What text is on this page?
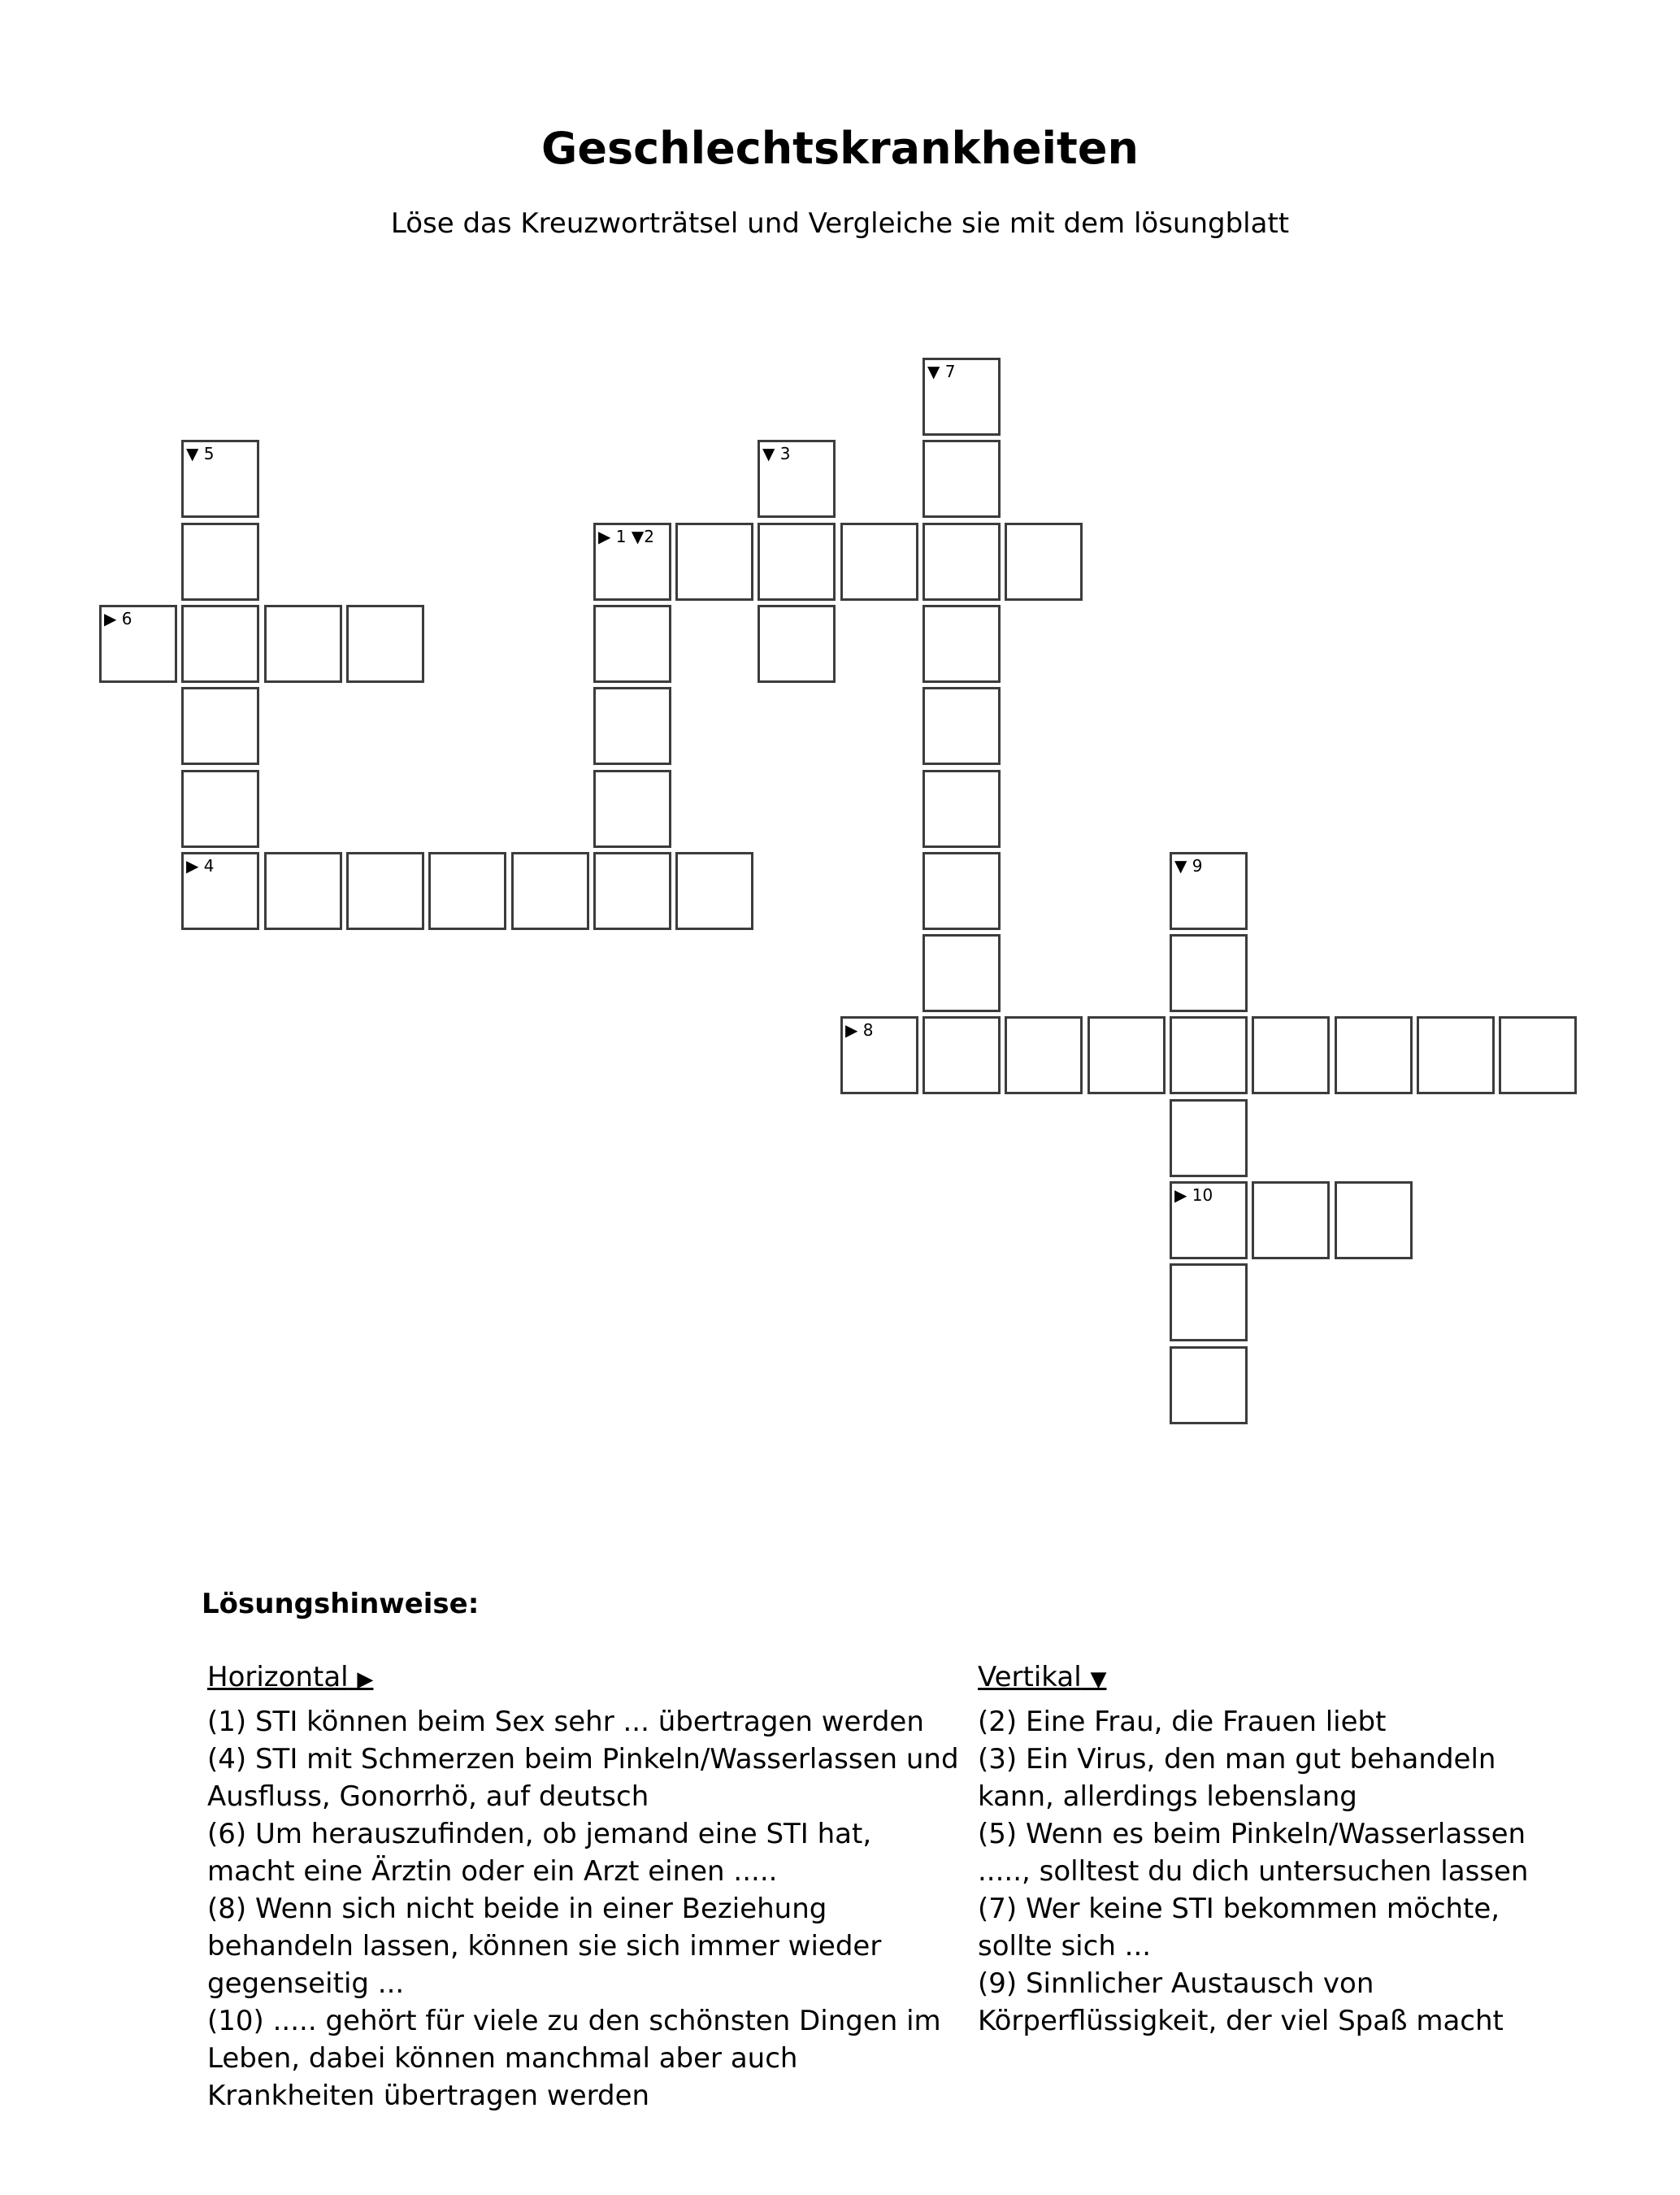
Geschlechtskrankheiten
Löse das Kreuzworträtsel und Vergleiche sie mit dem lösungblatt
▶ 1 ▼2
▼ 3
▶ 4
▼ 5
▶ 6
▼ 7
▶ 8
▼ 9
▶ 10
Lösungshinweise:
Horizontal ▶

(1) STI können beim Sex sehr ... übertragen werden

(4) STI mit Schmerzen beim Pinkeln/Wasserlassen und Ausfluss, Gonorrhö, auf deutsch

(6) Um herauszufinden, ob jemand eine STI hat, macht eine Ärztin oder ein Arzt einen .....

(8) Wenn sich nicht beide in einer Beziehung behandeln lassen, können sie sich immer wieder gegenseitig ...

(10) ..... gehört für viele zu den schönsten Dingen im Leben, dabei können manchmal aber auch Krankheiten übertragen werden

Vertikal ▼

(2) Eine Frau, die Frauen liebt

(3) Ein Virus, den man gut behandeln kann, allerdings lebenslang

(5) Wenn es beim Pinkeln/Wasserlassen ....., solltest du dich untersuchen lassen

(7) Wer keine STI bekommen möchte, sollte sich ...

(9) Sinnlicher Austausch von Körperflüssigkeit, der viel Spaß macht
